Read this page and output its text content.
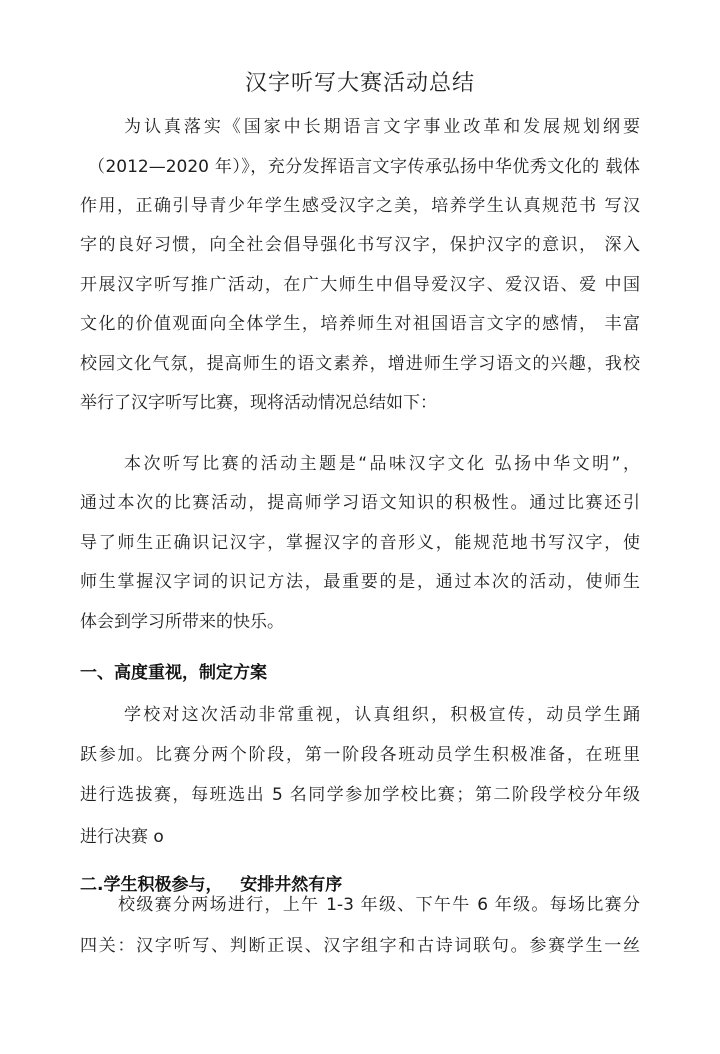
汉字听写大赛活动总结
为认真落实《国家中长期语言文字事业改革和发展规划纲要
（2012—2020 年）》，充分发挥语言文字传承弘扬中华优秀文化的 载体
作用，正确引导青少年学生感受汉字之美，培养学生认真规范书 写汉
字的良好习惯，向全社会倡导强化书写汉字，保护汉字的意识， 深入
开展汉字听写推广活动，在广大师生中倡导爱汉字、爱汉语、爱 中国
文化的价值观面向全体学生，培养师生对祖国语言文字的感情， 丰富
校园文化气氛，提高师生的语文素养，增进师生学习语文的兴趣，我校
举行了汉字听写比赛，现将活动情况总结如下：
本次听写比赛的活动主题是“品味汉字文化 弘扬中华文明”，
通过本次的比赛活动，提高师学习语文知识的积极性。通过比赛还引
导了师生正确识记汉字，掌握汉字的音形义，能规范地书写汉字，使
师生掌握汉字词的识记方法，最重要的是，通过本次的活动，使师生
体会到学习所带来的快乐。
一、高度重视，制定方案
学校对这次活动非常重视，认真组织，积极宣传，动员学生踊
跃参加。比赛分两个阶段，第一阶段各班动员学生积极准备，在班里
进行选拔赛，每班选出 5 名同学参加学校比赛；第二阶段学校分年级
进行决赛 o
二.学生积极参与，   安排井然有序
校级赛分两场进行，上午 1-3 年级、下午牛 6 年级。每场比赛分
四关：汉字听写、判断正误、汉字组字和古诗词联句。参赛学生一丝
